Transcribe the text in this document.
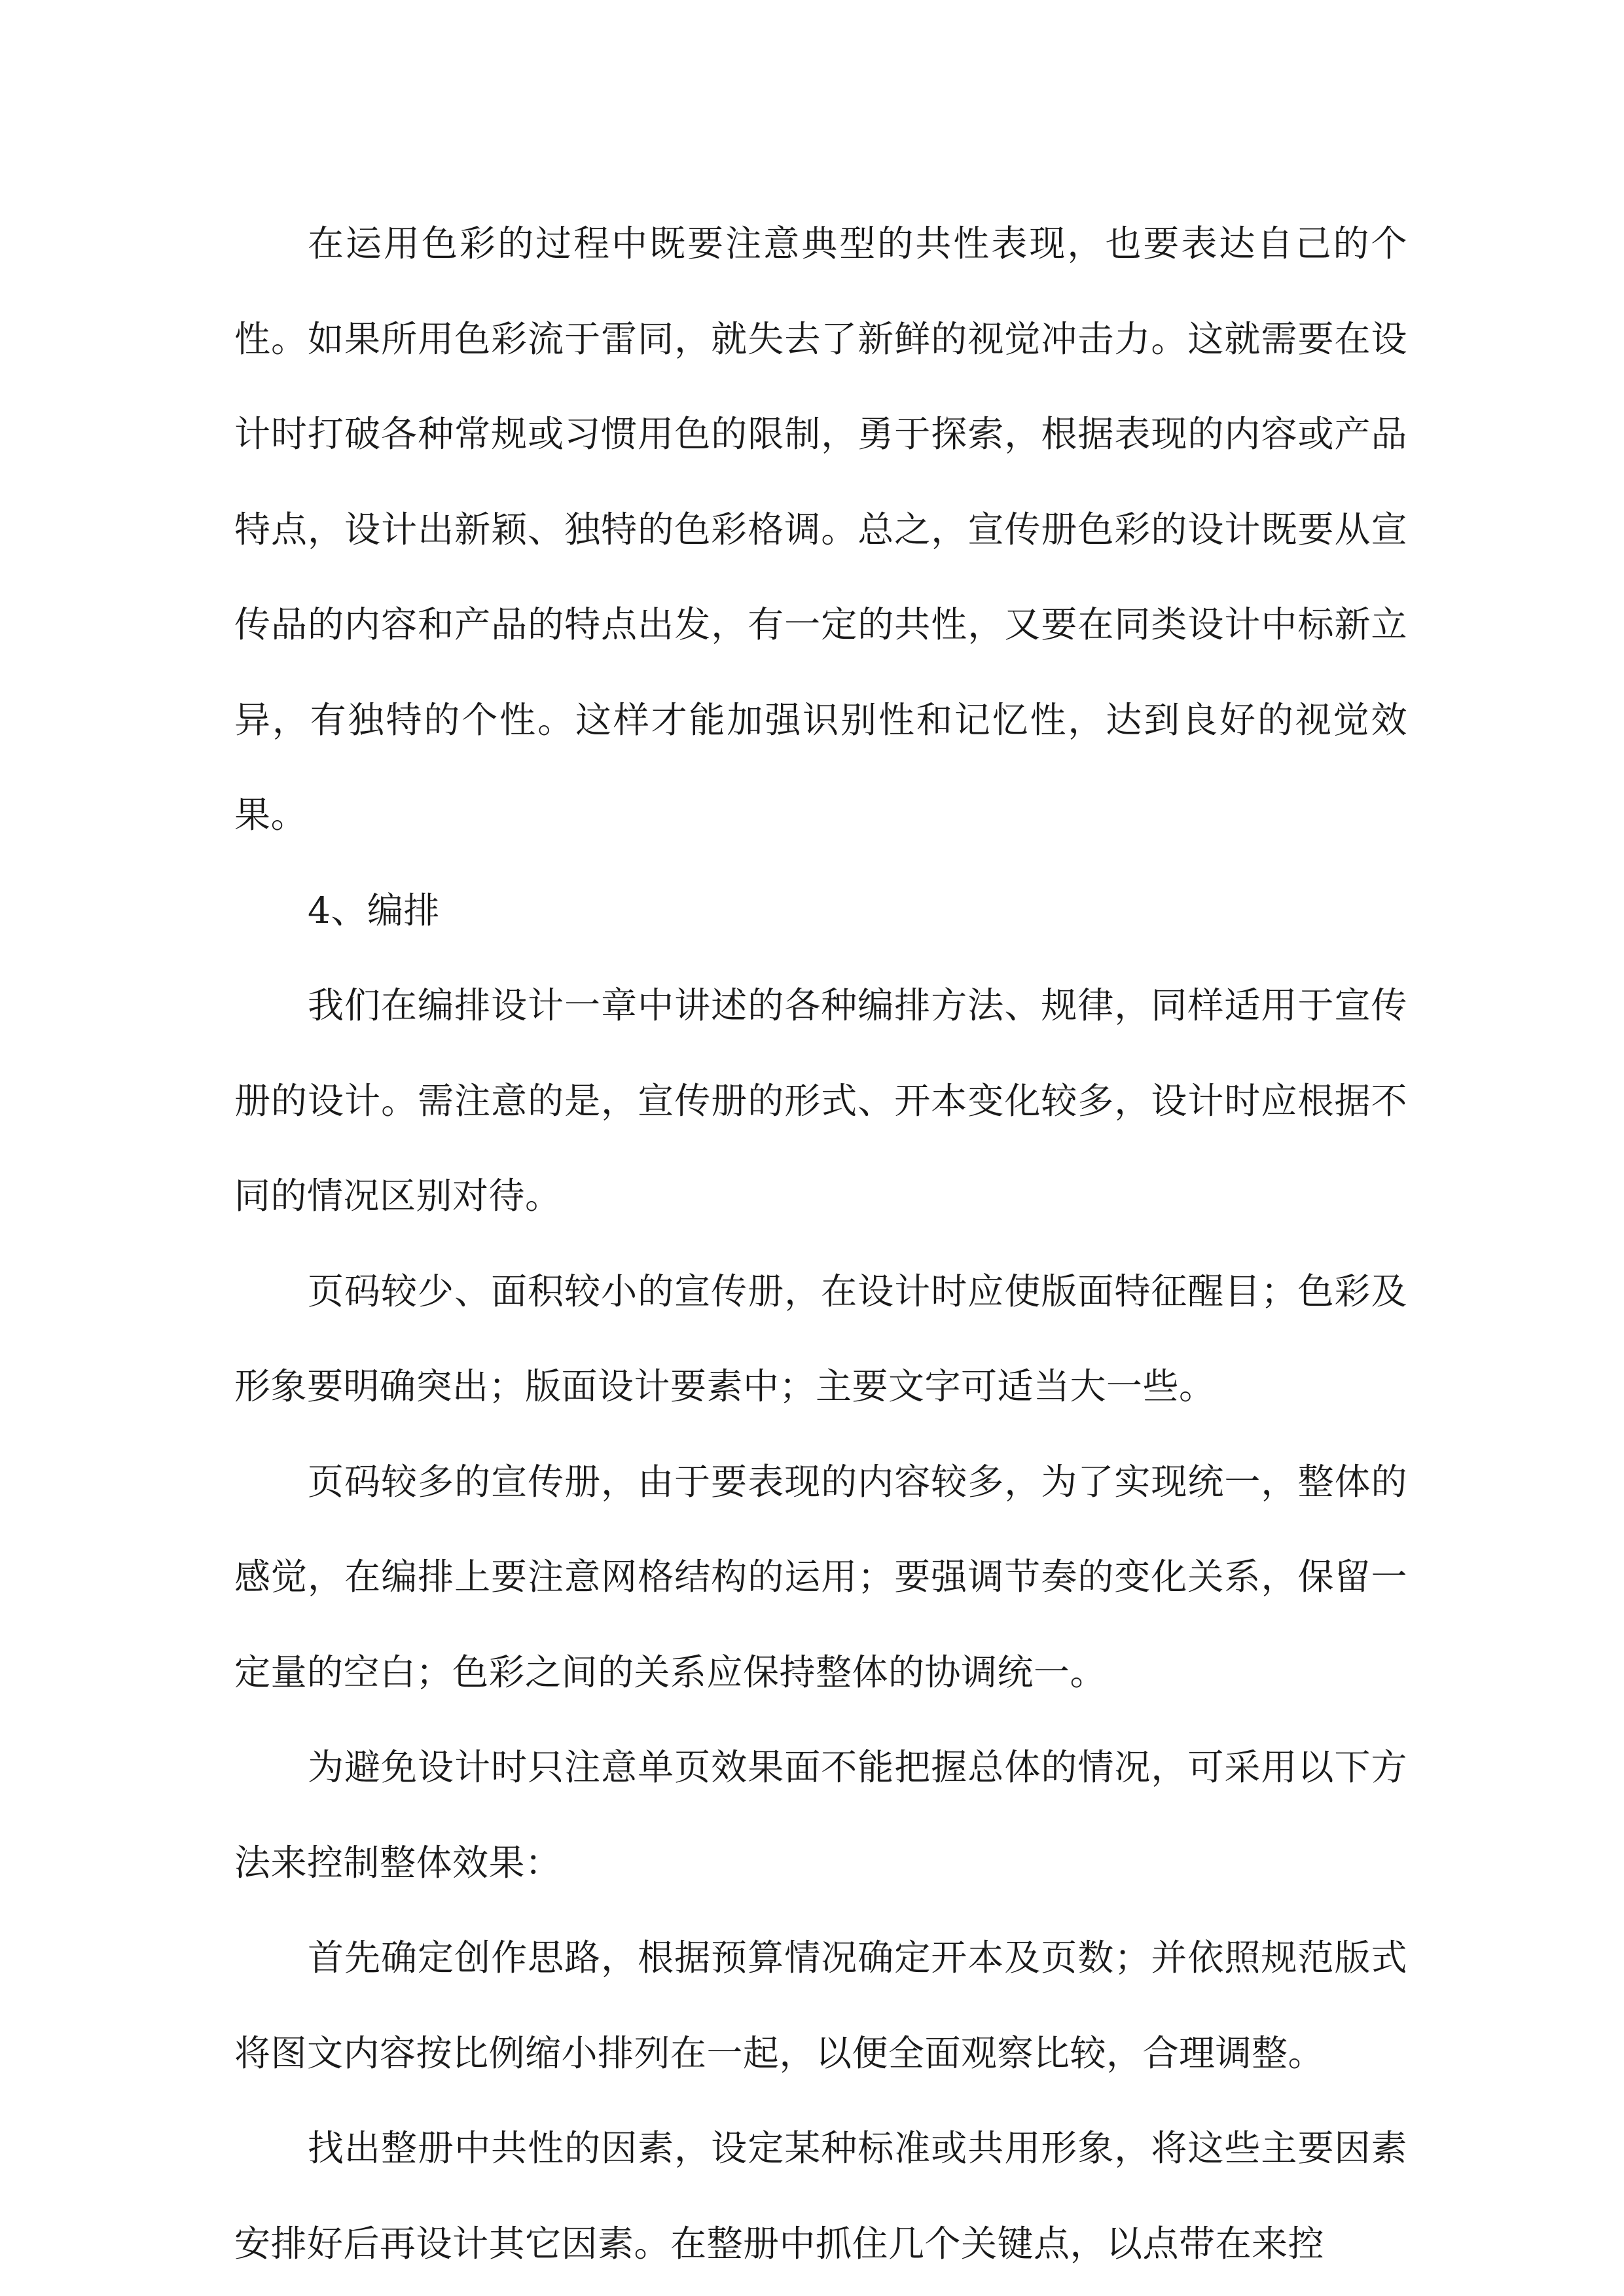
在运用色彩的过程中既要注意典型的共性表现，也要表达自己的个性。如果所用色彩流于雷同，就失去了新鲜的视觉冲击力。这就需要在设计时打破各种常规或习惯用色的限制，勇于探索，根据表现的内容或产品特点，设计出新颖、独特的色彩格调。总之，宣传册色彩的设计既要从宣传品的内容和产品的特点出发，有一定的共性，又要在同类设计中标新立异，有独特的个性。这样才能加强识别性和记忆性，达到良好的视觉效果。

4、编排

我们在编排设计一章中讲述的各种编排方法、规律，同样适用于宣传册的设计。需注意的是，宣传册的形式、开本变化较多，设计时应根据不同的情况区别对待。

页码较少、面积较小的宣传册，在设计时应使版面特征醒目；色彩及形象要明确突出；版面设计要素中；主要文字可适当大一些。

页码较多的宣传册，由于要表现的内容较多，为了实现统一，整体的感觉，在编排上要注意网格结构的运用；要强调节奏的变化关系，保留一定量的空白；色彩之间的关系应保持整体的协调统一。

为避免设计时只注意单页效果面不能把握总体的情况，可采用以下方法来控制整体效果：

首先确定创作思路，根据预算情况确定开本及页数；并依照规范版式将图文内容按比例缩小排列在一起，以便全面观察比较，合理调整。

找出整册中共性的因素，设定某种标准或共用形象，将这些主要因素安排好后再设计其它因素。在整册中抓住几个关键点，以点带在来控
